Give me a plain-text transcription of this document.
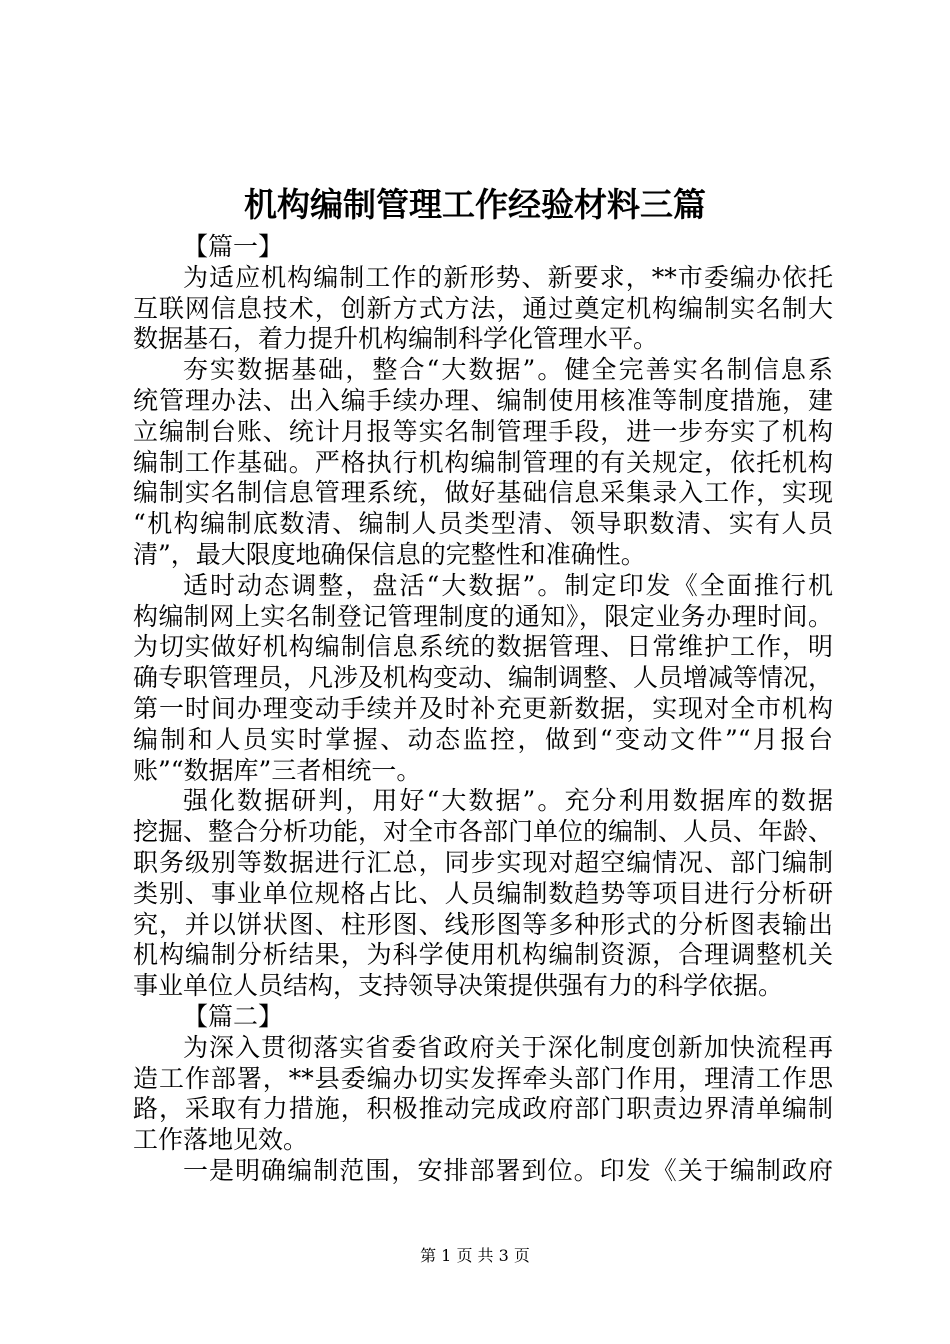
机构编制管理工作经验材料三篇
【篇一】
为适应机构编制工作的新形势、新要求，**市委编办依托
互联网信息技术，创新方式方法，通过奠定机构编制实名制大
数据基石，着力提升机构编制科学化管理水平。
夯实数据基础，整合“大数据”。健全完善实名制信息系
统管理办法、出入编手续办理、编制使用核准等制度措施，建
立编制台账、统计月报等实名制管理手段，进一步夯实了机构
编制工作基础。严格执行机构编制管理的有关规定，依托机构
编制实名制信息管理系统，做好基础信息采集录入工作，实现
“机构编制底数清、编制人员类型清、领导职数清、实有人员
清”，最大限度地确保信息的完整性和准确性。
适时动态调整，盘活“大数据”。制定印发《全面推行机
构编制网上实名制登记管理制度的通知》，限定业务办理时间。
为切实做好机构编制信息系统的数据管理、日常维护工作，明
确专职管理员，凡涉及机构变动、编制调整、人员增减等情况，
第一时间办理变动手续并及时补充更新数据，实现对全市机构
编制和人员实时掌握、动态监控，做到“变动文件”“月报台
账”“数据库”三者相统一。
强化数据研判，用好“大数据”。充分利用数据库的数据
挖掘、整合分析功能，对全市各部门单位的编制、人员、年龄、
职务级别等数据进行汇总，同步实现对超空编情况、部门编制
类别、事业单位规格占比、人员编制数趋势等项目进行分析研
究，并以饼状图、柱形图、线形图等多种形式的分析图表输出
机构编制分析结果，为科学使用机构编制资源，合理调整机关
事业单位人员结构，支持领导决策提供强有力的科学依据。
【篇二】
为深入贯彻落实省委省政府关于深化制度创新加快流程再
造工作部署，**县委编办切实发挥牵头部门作用，理清工作思
路，采取有力措施，积极推动完成政府部门职责边界清单编制
工作落地见效。
一是明确编制范围，安排部署到位。印发《关于编制政府
第 1 页 共 3 页
